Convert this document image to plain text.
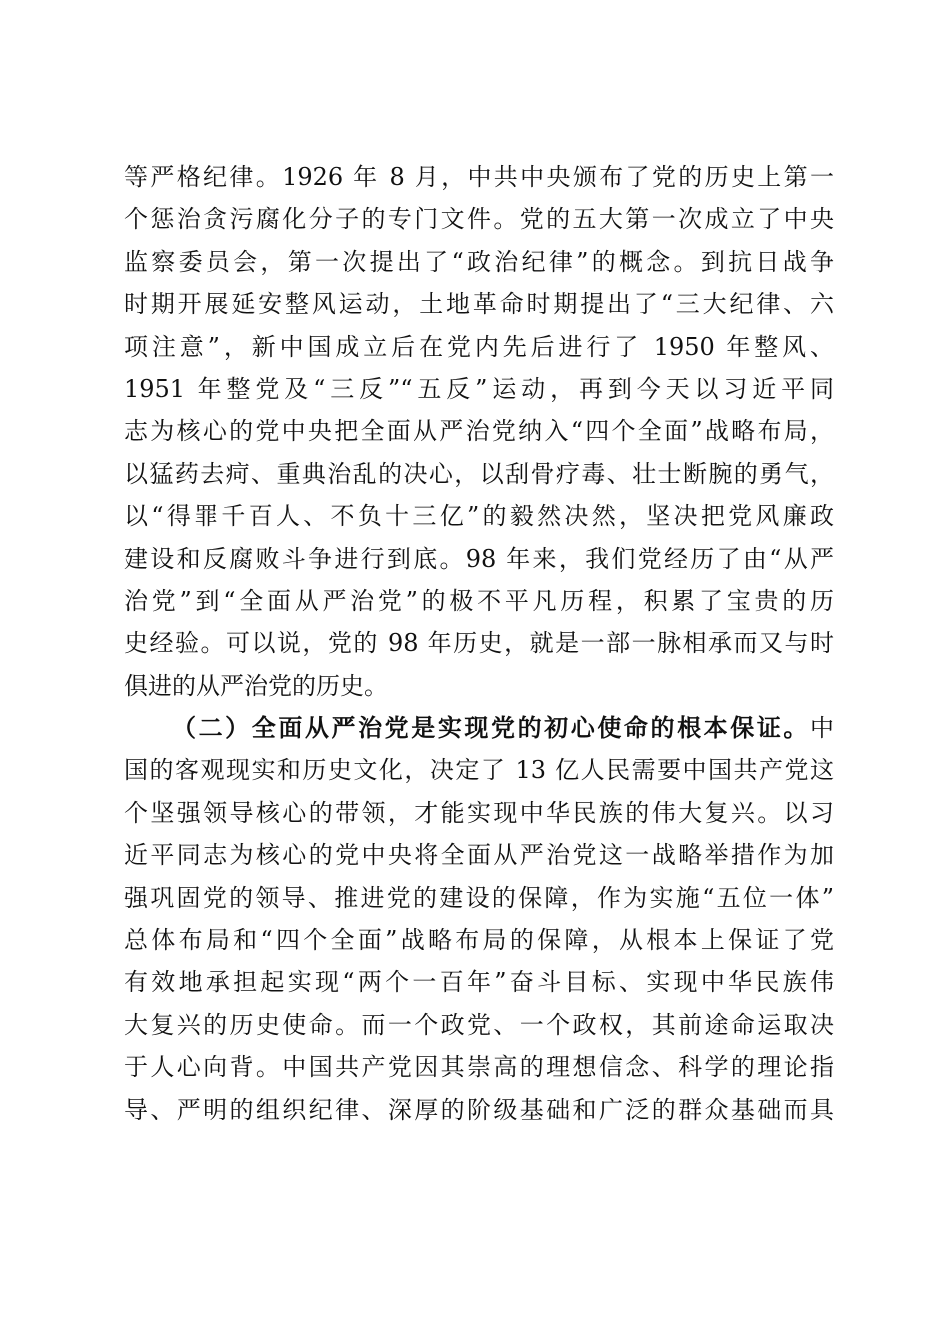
等严格纪律。1926 年 8 月，中共中央颁布了党的历史上第一
个惩治贪污腐化分子的专门文件。党的五大第一次成立了中央
监察委员会，第一次提出了“政治纪律”的概念。到抗日战争
时期开展延安整风运动，土地革命时期提出了“三大纪律、六
项注意”，新中国成立后在党内先后进行了 1950 年整风、
1951 年整党及“三反”“五反”运动，再到今天以习近平同
志为核心的党中央把全面从严治党纳入“四个全面”战略布局，
以猛药去疴、重典治乱的决心，以刮骨疗毒、壮士断腕的勇气，
以“得罪千百人、不负十三亿”的毅然决然，坚决把党风廉政
建设和反腐败斗争进行到底。98 年来，我们党经历了由“从严
治党”到“全面从严治党”的极不平凡历程，积累了宝贵的历
史经验。可以说，党的 98 年历史，就是一部一脉相承而又与时
俱进的从严治党的历史。
（二）全面从严治党是实现党的初心使命的根本保证。中
国的客观现实和历史文化，决定了 13 亿人民需要中国共产党这
个坚强领导核心的带领，才能实现中华民族的伟大复兴。以习
近平同志为核心的党中央将全面从严治党这一战略举措作为加
强巩固党的领导、推进党的建设的保障，作为实施“五位一体”
总体布局和“四个全面”战略布局的保障，从根本上保证了党
有效地承担起实现“两个一百年”奋斗目标、实现中华民族伟
大复兴的历史使命。而一个政党、一个政权，其前途命运取决
于人心向背。中国共产党因其崇高的理想信念、科学的理论指
导、严明的组织纪律、深厚的阶级基础和广泛的群众基础而具
